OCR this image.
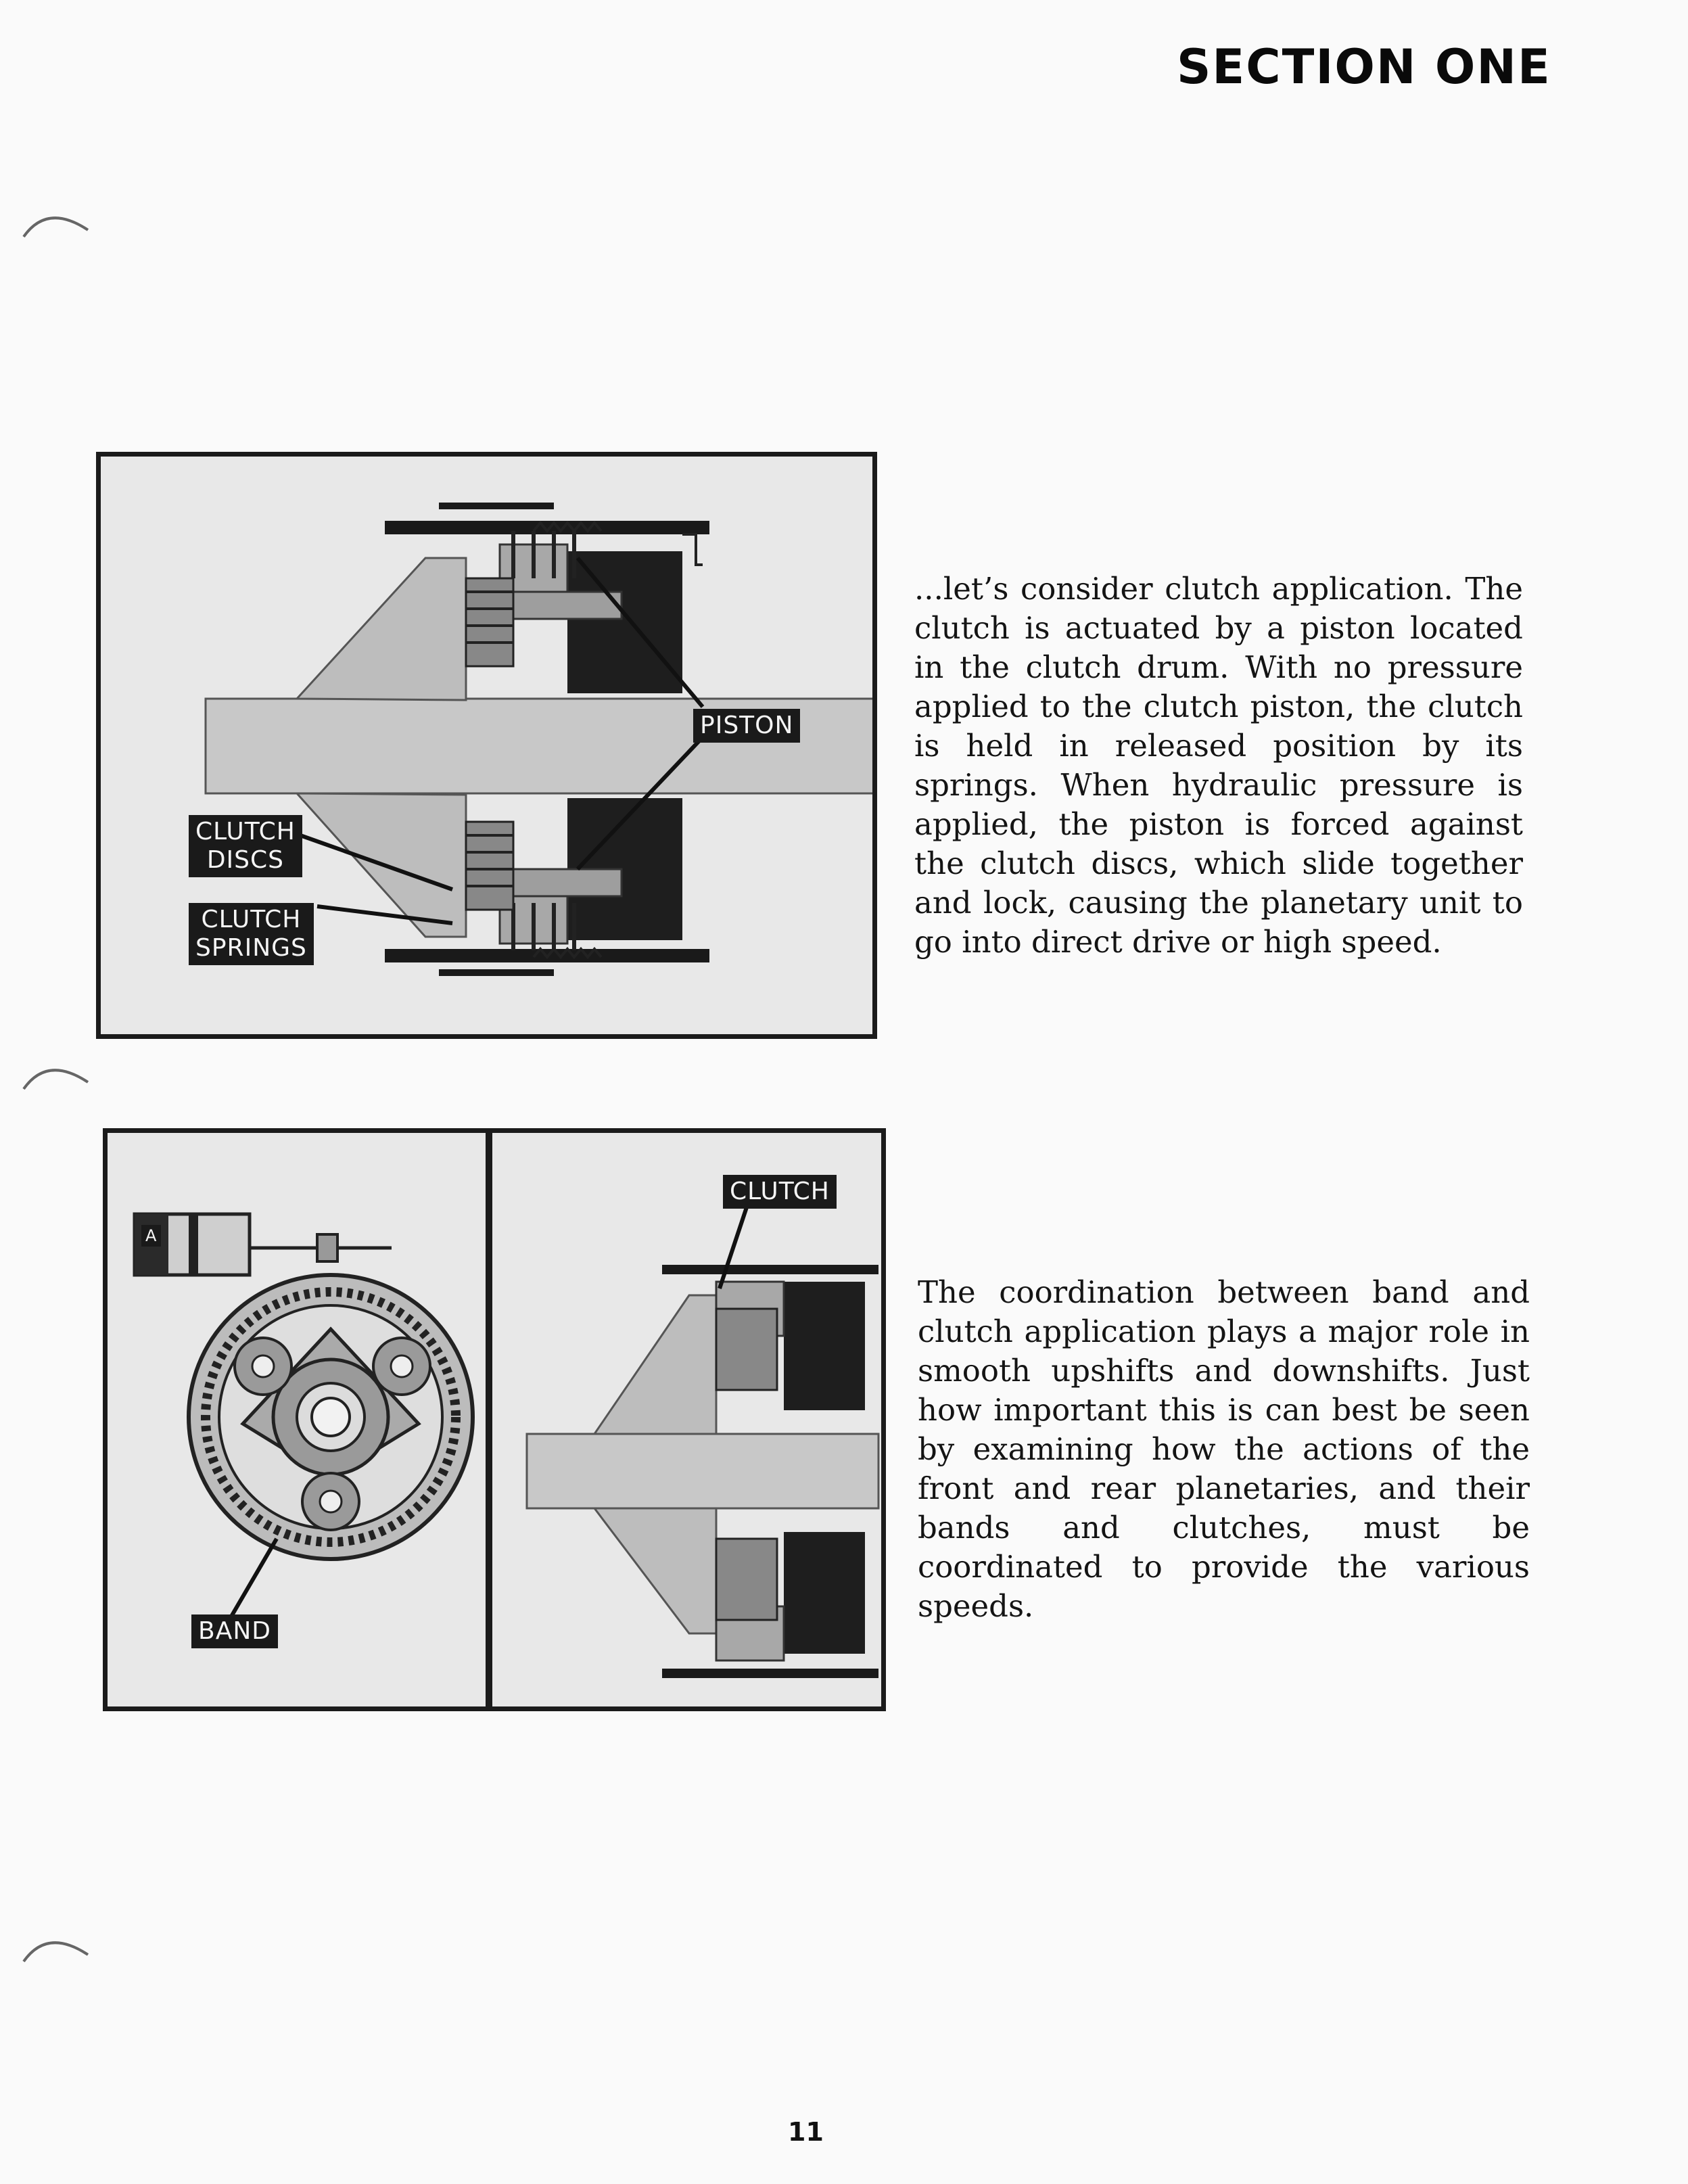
SECTION ONE
PISTON
CLUTCH
DISCS
CLUTCH
SPRINGS

...let’s consider clutch application. The clutch is actuated by a piston located in the clutch drum. With no pressure applied to the clutch piston, the clutch is held in released position by its springs. When hydraulic pressure is applied, the piston is forced against the clutch discs, which slide together and lock, causing the planetary unit to go into direct drive or high speed.

A
CLUTCH
BAND

The coordination between band and clutch application plays a major role in smooth upshifts and downshifts. Just how important this is can best be seen by examining how the actions of the front and rear planetaries, and their bands and clutches, must be coordinated to provide the various speeds.

11
